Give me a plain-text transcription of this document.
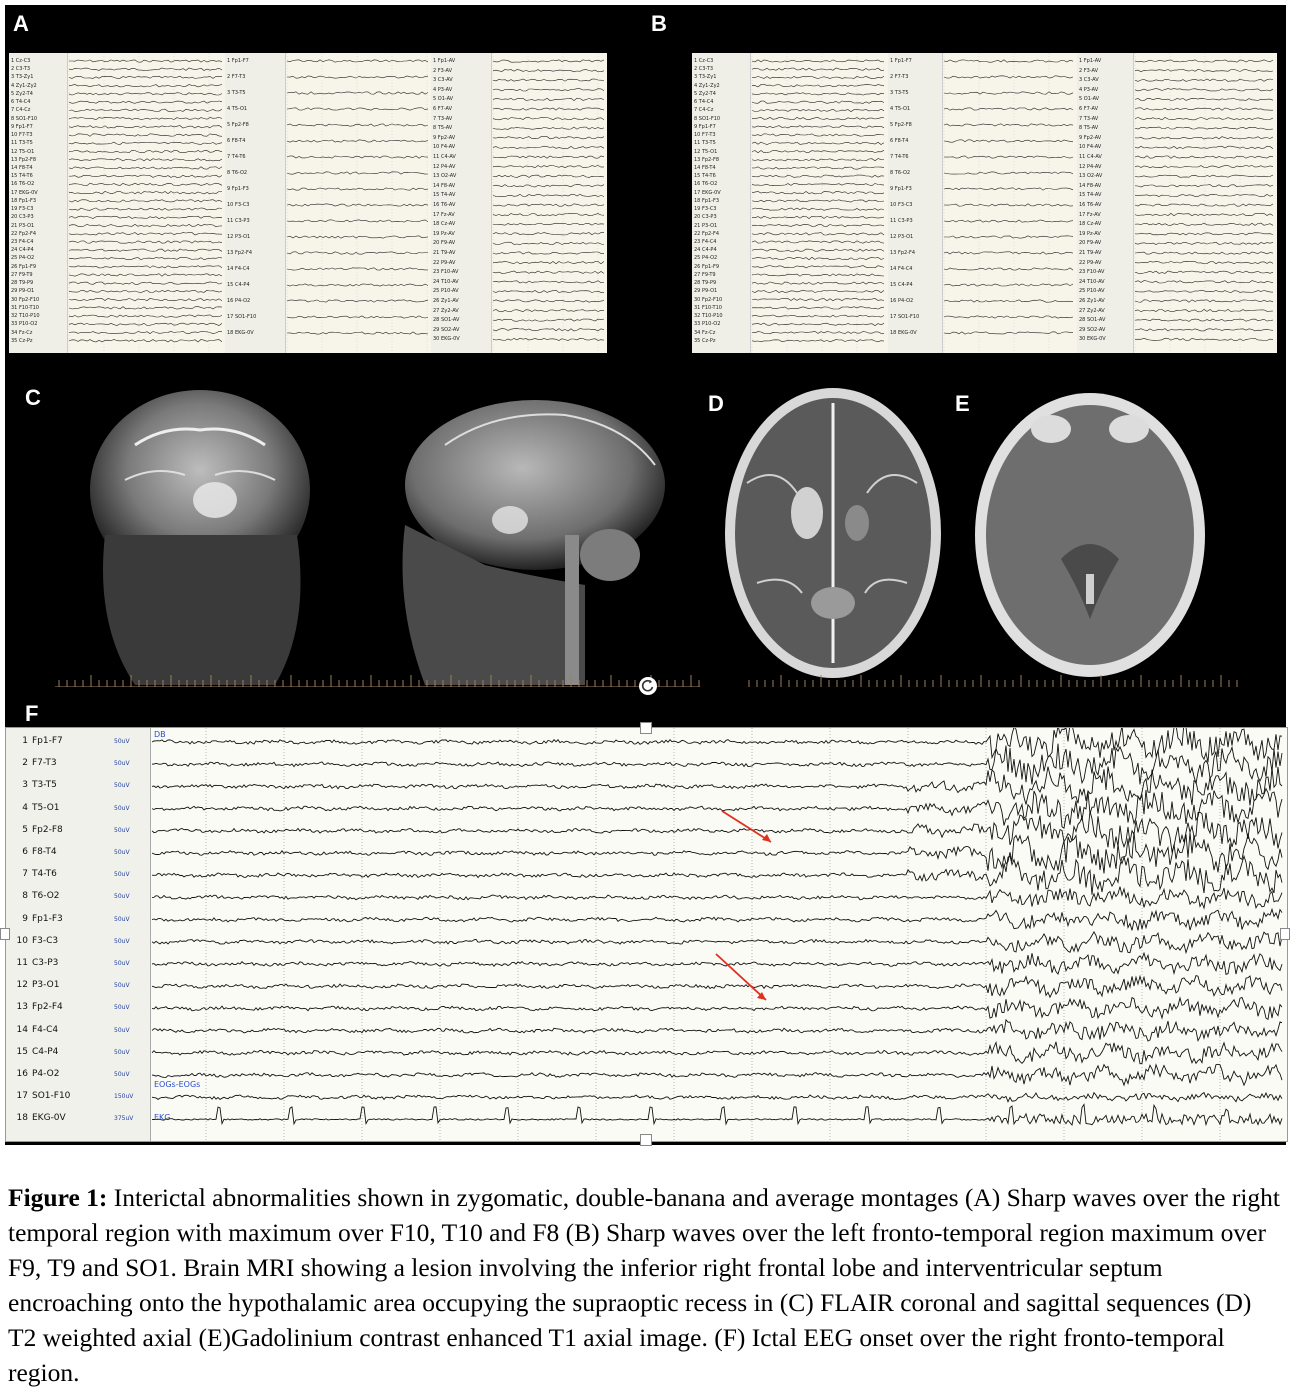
A
1 Cz-C3
2 C3-T3
3 T3-Zy1
4 Zy1-Zy2
5 Zy2-T4
6 T4-C4
7 C4-Cz
8 SO1-F10
9 Fp1-F7
10 F7-T3
11 T3-T5
12 T5-O1
13 Fp2-F8
14 F8-T4
15 T4-T6
16 T6-O2
17 EKG-0V
18 Fp1-F3
19 F3-C3
20 C3-P3
21 P3-O1
22 Fp2-F4
23 F4-C4
24 C4-P4
25 P4-O2
26 Fp1-F9
27 F9-T9
28 T9-P9
29 P9-O1
30 Fp2-F10
31 F10-T10
32 T10-P10
33 P10-O2
34 Fz-Cz
35 Cz-Pz
1 Fp1-F7
2 F7-T3
3 T3-T5
4 T5-O1
5 Fp2-F8
6 F8-T4
7 T4-T6
8 T6-O2
9 Fp1-F3
10 F3-C3
11 C3-P3
12 P3-O1
13 Fp2-F4
14 F4-C4
15 C4-P4
16 P4-O2
17 SO1-F10
18 EKG-0V
1 Fp1-AV
2 F3-AV
3 C3-AV
4 P3-AV
5 O1-AV
6 F7-AV
7 T3-AV
8 T5-AV
9 Fp2-AV
10 F4-AV
11 C4-AV
12 P4-AV
13 O2-AV
14 F8-AV
15 T4-AV
16 T6-AV
17 Fz-AV
18 Cz-AV
19 Pz-AV
20 F9-AV
21 T9-AV
22 P9-AV
23 F10-AV
24 T10-AV
25 P10-AV
26 Zy1-AV
27 Zy2-AV
28 SO1-AV
29 SO2-AV
30 EKG-0V
B
1 Cz-C3
2 C3-T3
3 T3-Zy1
4 Zy1-Zy2
5 Zy2-T4
6 T4-C4
7 C4-Cz
8 SO1-F10
9 Fp1-F7
10 F7-T3
11 T3-T5
12 T5-O1
13 Fp2-F8
14 F8-T4
15 T4-T6
16 T6-O2
17 EKG-0V
18 Fp1-F3
19 F3-C3
20 C3-P3
21 P3-O1
22 Fp2-F4
23 F4-C4
24 C4-P4
25 P4-O2
26 Fp1-F9
27 F9-T9
28 T9-P9
29 P9-O1
30 Fp2-F10
31 F10-T10
32 T10-P10
33 P10-O2
34 Fz-Cz
35 Cz-Pz
1 Fp1-F7
2 F7-T3
3 T3-T5
4 T5-O1
5 Fp2-F8
6 F8-T4
7 T4-T6
8 T6-O2
9 Fp1-F3
10 F3-C3
11 C3-P3
12 P3-O1
13 Fp2-F4
14 F4-C4
15 C4-P4
16 P4-O2
17 SO1-F10
18 EKG-0V
1 Fp1-AV
2 F3-AV
3 C3-AV
4 P3-AV
5 O1-AV
6 F7-AV
7 T3-AV
8 T5-AV
9 Fp2-AV
10 F4-AV
11 C4-AV
12 P4-AV
13 O2-AV
14 F8-AV
15 T4-AV
16 T6-AV
17 Fz-AV
18 Cz-AV
19 Pz-AV
20 F9-AV
21 T9-AV
22 P9-AV
23 F10-AV
24 T10-AV
25 P10-AV
26 Zy1-AV
27 Zy2-AV
28 SO1-AV
29 SO2-AV
30 EKG-0V
C	D	E
F
1 Fp1-F7	50uV
2 F7-T3	50uV
3 T3-T5	50uV
4 T5-O1	50uV
5 Fp2-F8	50uV
6 F8-T4	50uV
7 T4-T6	50uV
8 T6-O2	50uV
9 Fp1-F3	50uV
10 F3-C3	50uV
11 C3-P3	50uV
12 P3-O1	50uV
13 Fp2-F4	50uV
14 F4-C4	50uV
15 C4-P4	50uV
16 P4-O2	50uV
17 SO1-F10	150uV
18 EKG-0V	375uV
DB
EOGs-EOGs
EKG
Figure 1: Interictal abnormalities shown in zygomatic, double-banana and average montages (A) Sharp waves over the right temporal region with maximum over F10, T10 and F8 (B) Sharp waves over the left fronto-temporal region maximum over F9, T9 and SO1. Brain MRI showing a lesion involving the inferior right frontal lobe and interventricular septum encroaching onto the hypothalamic area occupying the supraoptic recess in (C) FLAIR coronal and sagittal sequences (D) T2 weighted axial (E)Gadolinium contrast enhanced T1 axial image. (F) Ictal EEG onset over the right fronto-temporal region.
